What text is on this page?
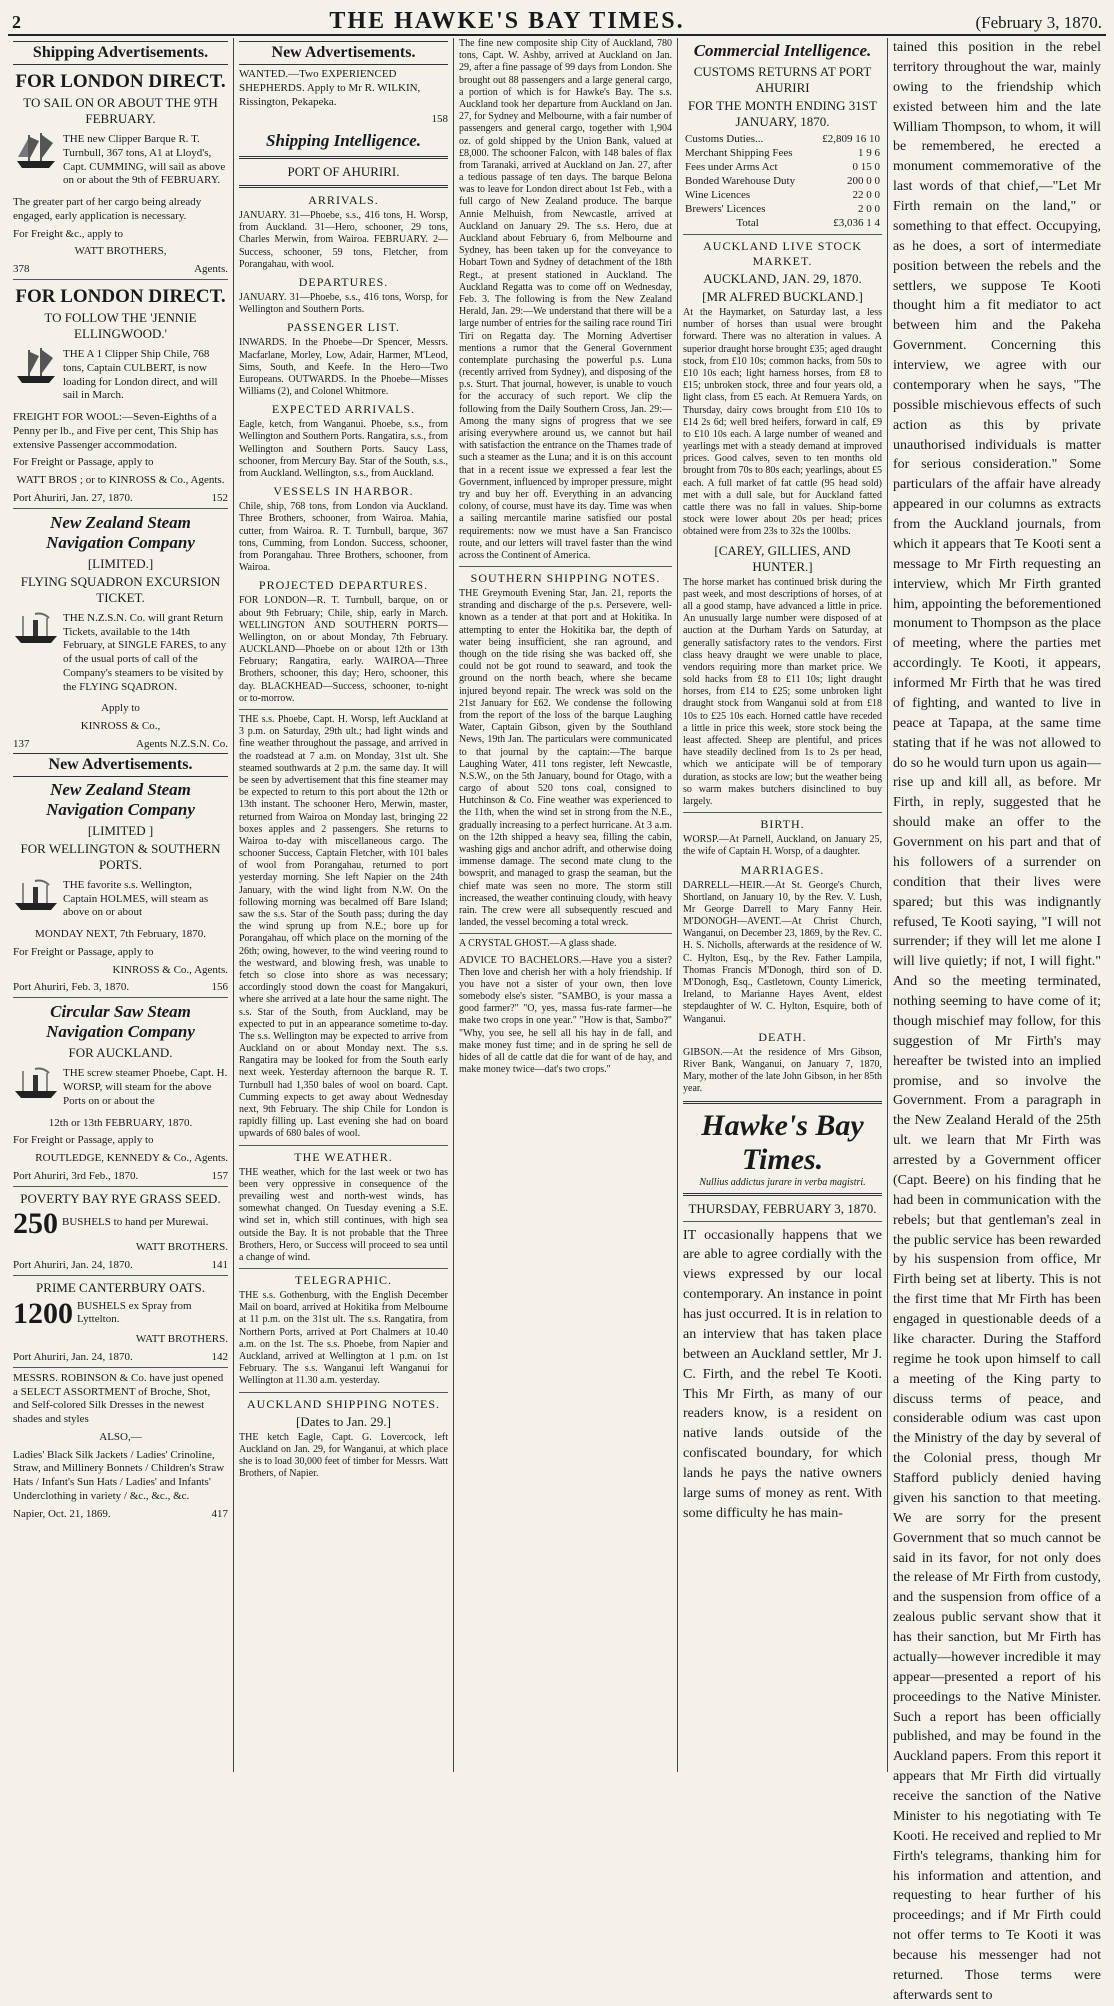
2	THE HAWKE'S BAY TIMES.	(February 3, 1870.
Shipping Advertisements.
FOR LONDON DIRECT.
TO SAIL ON OR ABOUT THE 9TH FEBRUARY.
THE new Clipper Barque R. T. Turnbull, 367 tons, A1 at Lloyd's, Capt. CUMMING, will sail as above on or about the 9th of FEBRUARY.
The greater part of her cargo being already engaged, early application is necessary.
For Freight &c., apply to
WATT BROTHERS,
378	Agents.
FOR LONDON DIRECT.
TO FOLLOW THE 'JENNIE ELLINGWOOD.'
THE A 1 Clipper Ship Chile, 768 tons, Captain CULBERT, is now loading for London direct, and will sail in March.
FREIGHT FOR WOOL:—Seven-Eighths of a Penny per lb., and Five per cent, This Ship has extensive Passenger accommodation.
For Freight or Passage, apply to
WATT BROS ; or to KINROSS & Co., Agents.
Port Ahuriri, Jan. 27, 1870.	152
New Zealand Steam Navigation Company
[LIMITED.]
FLYING SQUADRON EXCURSION TICKET.
THE N.Z.S.N. Co. will grant Return Tickets, available to the 14th February, at SINGLE FARES, to any of the usual ports of call of the Company's steamers to be visited by the FLYING SQADRON.
Apply to
KINROSS & Co.,
137	Agents N.Z.S.N. Co.
New Advertisements.
New Zealand Steam Navigation Company
[LIMITED ]
FOR WELLINGTON & SOUTHERN PORTS.
THE favorite s.s. Wellington, Captain HOLMES, will steam as above on or about
MONDAY NEXT, 7th February, 1870.
For Freight or Passage, apply to
KINROSS & Co., Agents.
Port Ahuriri, Feb. 3, 1870.	156
Circular Saw Steam Navigation Company
FOR AUCKLAND.
THE screw steamer Phoebe, Capt. H. WORSP, will steam for the above Ports on or about the
12th or 13th FEBRUARY, 1870.
For Freight or Passage, apply to
ROUTLEDGE, KENNEDY & Co., Agents.
Port Ahuriri, 3rd Feb., 1870.	157
POVERTY BAY RYE GRASS SEED.
250 BUSHELS to hand per Murewai.
WATT BROTHERS.
Port Ahuriri, Jan. 24, 1870.	141
PRIME CANTERBURY OATS.
1200 BUSHELS ex Spray from Lyttelton.
WATT BROTHERS.
Port Ahuriri, Jan. 24, 1870.	142
MESSRS. ROBINSON & Co. have just opened a SELECT ASSORTMENT of Broche, Shot, and Self-colored Silk Dresses in the newest shades and styles
ALSO,—
Ladies' Black Silk Jackets / Ladies' Crinoline, Straw, and Millinery Bonnets / Children's Straw Hats / Infant's Sun Hats / Ladies' and Infants' Underclothing in variety / &c., &c., &c.
Napier, Oct. 21, 1869.	417
New Advertisements.
WANTED.—Two EXPERIENCED SHEPHERDS. Apply to Mr R. WILKIN, Rissington, Pekapeka.
158
Shipping Intelligence.
PORT OF AHURIRI.
ARRIVALS.

JANUARY. 31—Phoebe, s.s., 416 tons, H. Worsp, from Auckland. 31—Hero, schooner, 29 tons, Charles Merwin, from Wairoa. FEBRUARY. 2—Success, schooner, 59 tons, Fletcher, from Porangahau, with wool.

DEPARTURES.

JANUARY. 31—Phoebe, s.s., 416 tons, Worsp, for Wellington and Southern Ports.

PASSENGER LIST.

INWARDS. In the Phoebe—Dr Spencer, Messrs. Macfarlane, Morley, Low, Adair, Harmer, M'Leod, Sims, South, and Keefe. In the Hero—Two Europeans. OUTWARDS. In the Phoebe—Misses Williams (2), and Colonel Whitmore.

EXPECTED ARRIVALS.

Eagle, ketch, from Wanganui. Phoebe, s.s., from Wellington and Southern Ports. Rangatira, s.s., from Wellington and Southern Ports. Saucy Lass, schooner, from Mercury Bay. Star of the South, s.s., from Auckland. Wellington, s.s., from Auckland.

VESSELS IN HARBOR.

Chile, ship, 768 tons, from London via Auckland. Three Brothers, schooner, from Wairoa. Mahia, cutter, from Wairoa. R. T. Turnbull, barque, 367 tons, Cumming, from London. Success, schooner, from Porangahau. Three Brothers, schooner, from Wairoa.

PROJECTED DEPARTURES.

FOR LONDON—R. T. Turnbull, barque, on or about 9th February; Chile, ship, early in March. WELLINGTON AND SOUTHERN PORTS—Wellington, on or about Monday, 7th February. AUCKLAND—Phoebe on or about 12th or 13th February; Rangatira, early. WAIROA—Three Brothers, schooner, this day; Hero, schooner, this day. BLACKHEAD—Success, schooner, to-night or to-morrow.

THE s.s. Phoebe, Capt. H. Worsp, left Auckland at 3 p.m. on Saturday, 29th ult.; had light winds and fine weather throughout the passage, and arrived in the roadstead at 7 a.m. on Monday, 31st ult. She steamed southwards at 2 p.m. the same day. It will be seen by advertisement that this fine steamer may be expected to return to this port about the 12th or 13th instant. The schooner Hero, Merwin, master, returned from Wairoa on Monday last, bringing 22 boxes apples and 2 passengers. She returns to Wairoa to-day with miscellaneous cargo. The schooner Success, Captain Fletcher, with 101 bales of wool from Porangahau, returned to port yesterday morning. She left Napier on the 24th January, with the wind light from N.W. On the following morning was becalmed off Bare Island; saw the s.s. Star of the South pass; during the day the wind sprung up from N.E.; bore up for Porangahau, off which place on the morning of the 26th; owing, however, to the wind veering round to the westward, and blowing fresh, was unable to fetch so close into shore as was necessary; accordingly stood down the coast for Mangakuri, where she arrived at a late hour the same night. The s.s. Star of the South, from Auckland, may be expected to put in an appearance sometime to-day. The s.s. Wellington may be expected to arrive from Auckland on or about Monday next. The s.s. Rangatira may be looked for from the South early next week. Yesterday afternoon the barque R. T. Turnbull had 1,350 bales of wool on board. Capt. Cumming expects to get away about Wednesday next, 9th February. The ship Chile for London is rapidly filling up. Last evening she had on board upwards of 680 bales of wool.

THE WEATHER.

THE weather, which for the last week or two has been very oppressive in consequence of the prevailing west and north-west winds, has somewhat changed. On Tuesday evening a S.E. wind set in, which still continues, with high sea outside the Bay. It is not probable that the Three Brothers, Hero, or Success will proceed to sea until a change of wind.

TELEGRAPHIC.

THE s.s. Gothenburg, with the English December Mail on board, arrived at Hokitika from Melbourne at 11 p.m. on the 31st ult. The s.s. Rangatira, from Northern Ports, arrived at Port Chalmers at 10.40 a.m. on the 1st. The s.s. Phoebe, from Napier and Auckland, arrived at Wellington at 1 p.m. on 1st February. The s.s. Wanganui left Wanganui for Wellington at 11.30 a.m. yesterday.

AUCKLAND SHIPPING NOTES.
[Dates to Jan. 29.]

THE ketch Eagle, Capt. G. Lovercock, left Auckland on Jan. 29, for Wanganui, at which place she is to load 30,000 feet of timber for Messrs. Watt Brothers, of Napier.

The fine new composite ship City of Auckland, 780 tons, Capt. W. Ashby, arrived at Auckland on Jan. 29, after a fine passage of 99 days from London. She brought out 88 passengers and a large general cargo, a portion of which is for Hawke's Bay. The s.s. Auckland took her departure from Auckland on Jan. 27, for Sydney and Melbourne, with a fair number of passengers and general cargo, together with 1,904 oz. of gold shipped by the Union Bank, valued at £8,000. The schooner Falcon, with 148 bales of flax from Taranaki, arrived at Auckland on Jan. 27, after a tedious passage of ten days. The barque Belona was to leave for London direct about 1st Feb., with a full cargo of New Zealand produce. The barque Annie Melhuish, from Newcastle, arrived at Auckland on January 29. The s.s. Hero, due at Auckland about February 6, from Melbourne and Sydney, has been taken up for the conveyance to Hobart Town and Sydney of detachment of the 18th Regt., at present stationed in Auckland. The Auckland Regatta was to come off on Wednesday, Feb. 3. The following is from the New Zealand Herald, Jan. 29:—We understand that there will be a large number of entries for the sailing race round Tiri Tiri on Regatta day. The Morning Advertiser mentions a rumor that the General Government contemplate purchasing the powerful p.s. Luna (recently arrived from Sydney), and disposing of the p.s. Sturt. That journal, however, is unable to vouch for the accuracy of such report. We clip the following from the Daily Southern Cross, Jan. 29:—Among the many signs of progress that we see arising everywhere around us, we cannot but hail with satisfaction the entrance on the Thames trade of such a steamer as the Luna; and it is on this account that in a recent issue we expressed a fear lest the Government, influenced by improper pressure, might try and buy her off. Everything in an advancing colony, of course, must have its day. Time was when a sailing mercantile marine satisfied our postal requirements: now we must have a San Francisco route, and our letters will travel faster than the wind across the Continent of America.

SOUTHERN SHIPPING NOTES.

THE Greymouth Evening Star, Jan. 21, reports the stranding and discharge of the p.s. Persevere, well-known as a tender at that port and at Hokitika. In attempting to enter the Hokitika bar, the depth of water being insufficient, she ran aground, and though on the tide rising she was backed off, she could not be got round to seaward, and took the ground on the north beach, where she became injured beyond repair. The wreck was sold on the 21st January for £62. We condense the following from the report of the loss of the barque Laughing Water, Captain Gibson, given by the Southland News, 19th Jan. The particulars were communicated to that journal by the captain:—The barque Laughing Water, 411 tons register, left Newcastle, N.S.W., on the 5th January, bound for Otago, with a cargo of about 520 tons coal, consigned to Hutchinson & Co. Fine weather was experienced to the 11th, when the wind set in strong from the N.E., gradually increasing to a perfect hurricane. At 3 a.m. on the 12th shipped a heavy sea, filling the cabin, washing gigs and anchor adrift, and otherwise doing immense damage. The second mate clung to the bowsprit, and managed to grasp the seaman, but the chief mate was seen no more. The storm still increased, the weather continuing cloudy, with heavy rain. The crew were all subsequently rescued and landed, the vessel becoming a total wreck.

A CRYSTAL GHOST.—A glass shade.

ADVICE TO BACHELORS.—Have you a sister? Then love and cherish her with a holy friendship. If you have not a sister of your own, then love somebody else's sister. "SAMBO, is your massa a good farmer?" "O, yes, massa fus-rate farmer—he make two crops in one year." "How is that, Sambo?" "Why, you see, he sell all his hay in de fall, and make money fust time; and in de spring he sell de hides of all de cattle dat die for want of de hay, and make money twice—dat's two crops."

Commercial Intelligence.
CUSTOMS RETURNS AT PORT AHURIRI
FOR THE MONTH ENDING 31ST JANUARY, 1870.
Customs Duties...	£2,809 16 10
Merchant Shipping Fees	1 9 6
Fees under Arms Act	0 15 0
Bonded Warehouse Duty	200 0 0
Wine Licences	22 0 0
Brewers' Licences	2 0 0
Total	£3,036 1 4
AUCKLAND LIVE STOCK MARKET.
AUCKLAND, JAN. 29, 1870.
[MR ALFRED BUCKLAND.]

At the Haymarket, on Saturday last, a less number of horses than usual were brought forward. There was no alteration in values. A superior draught horse brought £35; aged draught stock, from £10 10s; common hacks, from 50s to £10 10s each; light harness horses, from £8 to £15; unbroken stock, three and four years old, a light class, from £5 each. At Remuera Yards, on Thursday, dairy cows brought from £10 10s to £14 2s 6d; well bred heifers, forward in calf, £9 to £10 10s each. A large number of weaned and yearlings met with a steady demand at improved prices. Good calves, seven to ten months old brought from 70s to 80s each; yearlings, about £5 each. A full market of fat cattle (95 head sold) met with a dull sale, but for Auckland fatted cattle there was no fall in values. Ship-borne stock were lower about 20s per head; prices obtained were from 23s to 32s the 100lbs.

[CAREY, GILLIES, AND HUNTER.]

The horse market has continued brisk during the past week, and most descriptions of horses, of at all a good stamp, have advanced a little in price. An unusually large number were disposed of at auction at the Durham Yards on Saturday, at generally satisfactory rates to the vendors. First class heavy draught we were unable to place, vendors requiring more than market price. We sold hacks from £8 to £11 10s; light draught horses, from £14 to £25; some unbroken light draught stock from Wanganui sold at from £18 10s to £25 10s each. Horned cattle have receded a little in price this week, store stock being the least affected. Sheep are plentiful, and prices have steadily declined from 1s to 2s per head, which we anticipate will be of temporary duration, as stocks are low; but the weather being so warm makes butchers disinclined to buy largely.

BIRTH.

WORSP.—At Parnell, Auckland, on January 25, the wife of Captain H. Worsp, of a daughter.

MARRIAGES.

DARRELL—HEIR.—At St. George's Church, Shortland, on January 10, by the Rev. V. Lush, Mr George Darrell to Mary Fanny Heir. M'DONOGH—AVENT.—At Christ Church, Wanganui, on December 23, 1869, by the Rev. C. H. S. Nicholls, afterwards at the residence of W. C. Hylton, Esq., by the Rev. Father Lampila, Thomas Francis M'Donogh, third son of D. M'Donogh, Esq., Castletown, County Limerick, Ireland, to Marianne Hayes Avent, eldest stepdaughter of W. C. Hylton, Esquire, both of Wanganui.

DEATH.

GIBSON.—At the residence of Mrs Gibson, River Bank, Wanganui, on January 7, 1870, Mary, mother of the late John Gibson, in her 85th year.

Hawke's Bay Times.
Nullius addictus jurare in verba magistri.
THURSDAY, FEBRUARY 3, 1870.

IT occasionally happens that we are able to agree cordially with the views expressed by our local contemporary. An instance in point has just occurred. It is in relation to an interview that has taken place between an Auckland settler, Mr J. C. Firth, and the rebel Te Kooti. This Mr Firth, as many of our readers know, is a resident on native lands outside of the confiscated boundary, for which lands he pays the native owners large sums of money as rent. With some difficulty he has main-

tained this position in the rebel territory throughout the war, mainly owing to the friendship which existed between him and the late William Thompson, to whom, it will be remembered, he erected a monument commemorative of the last words of that chief,—"Let Mr Firth remain on the land," or something to that effect. Occupying, as he does, a sort of intermediate position between the rebels and the settlers, we suppose Te Kooti thought him a fit mediator to act between him and the Pakeha Government. Concerning this interview, we agree with our contemporary when he says, "The possible mischievous effects of such action as this by private unauthorised individuals is matter for serious consideration." Some particulars of the affair have already appeared in our columns as extracts from the Auckland journals, from which it appears that Te Kooti sent a message to Mr Firth requesting an interview, which Mr Firth granted him, appointing the beforementioned monument to Thompson as the place of meeting, where the parties met accordingly. Te Kooti, it appears, informed Mr Firth that he was tired of fighting, and wanted to live in peace at Tapapa, at the same time stating that if he was not allowed to do so he would turn upon us again—rise up and kill all, as before. Mr Firth, in reply, suggested that he should make an offer to the Government on his part and that of his followers of a surrender on condition that their lives were spared; but this was indignantly refused, Te Kooti saying, "I will not surrender; if they will let me alone I will live quietly; if not, I will fight." And so the meeting terminated, nothing seeming to have come of it; though mischief may follow, for this suggestion of Mr Firth's may hereafter be twisted into an implied promise, and so involve the Government. From a paragraph in the New Zealand Herald of the 25th ult. we learn that Mr Firth was arrested by a Government officer (Capt. Beere) on his finding that he had been in communication with the rebels; but that gentleman's zeal in the public service has been rewarded by his suspension from office, Mr Firth being set at liberty. This is not the first time that Mr Firth has been engaged in questionable deeds of a like character. During the Stafford regime he took upon himself to call a meeting of the King party to discuss terms of peace, and considerable odium was cast upon the Ministry of the day by several of the Colonial press, though Mr Stafford publicly denied having given his sanction to that meeting. We are sorry for the present Government that so much cannot be said in its favor, for not only does the release of Mr Firth from custody, and the suspension from office of a zealous public servant show that it has their sanction, but Mr Firth has actually—however incredible it may appear—presented a report of his proceedings to the Native Minister. Such a report has been officially published, and may be found in the Auckland papers. From this report it appears that Mr Firth did virtually receive the sanction of the Native Minister to his negotiating with Te Kooti. He received and replied to Mr Firth's telegrams, thanking him for his information and attention, and requesting to hear further of his proceedings; and if Mr Firth could not offer terms to Te Kooti it was because his messenger had not returned. Those terms were afterwards sent to
